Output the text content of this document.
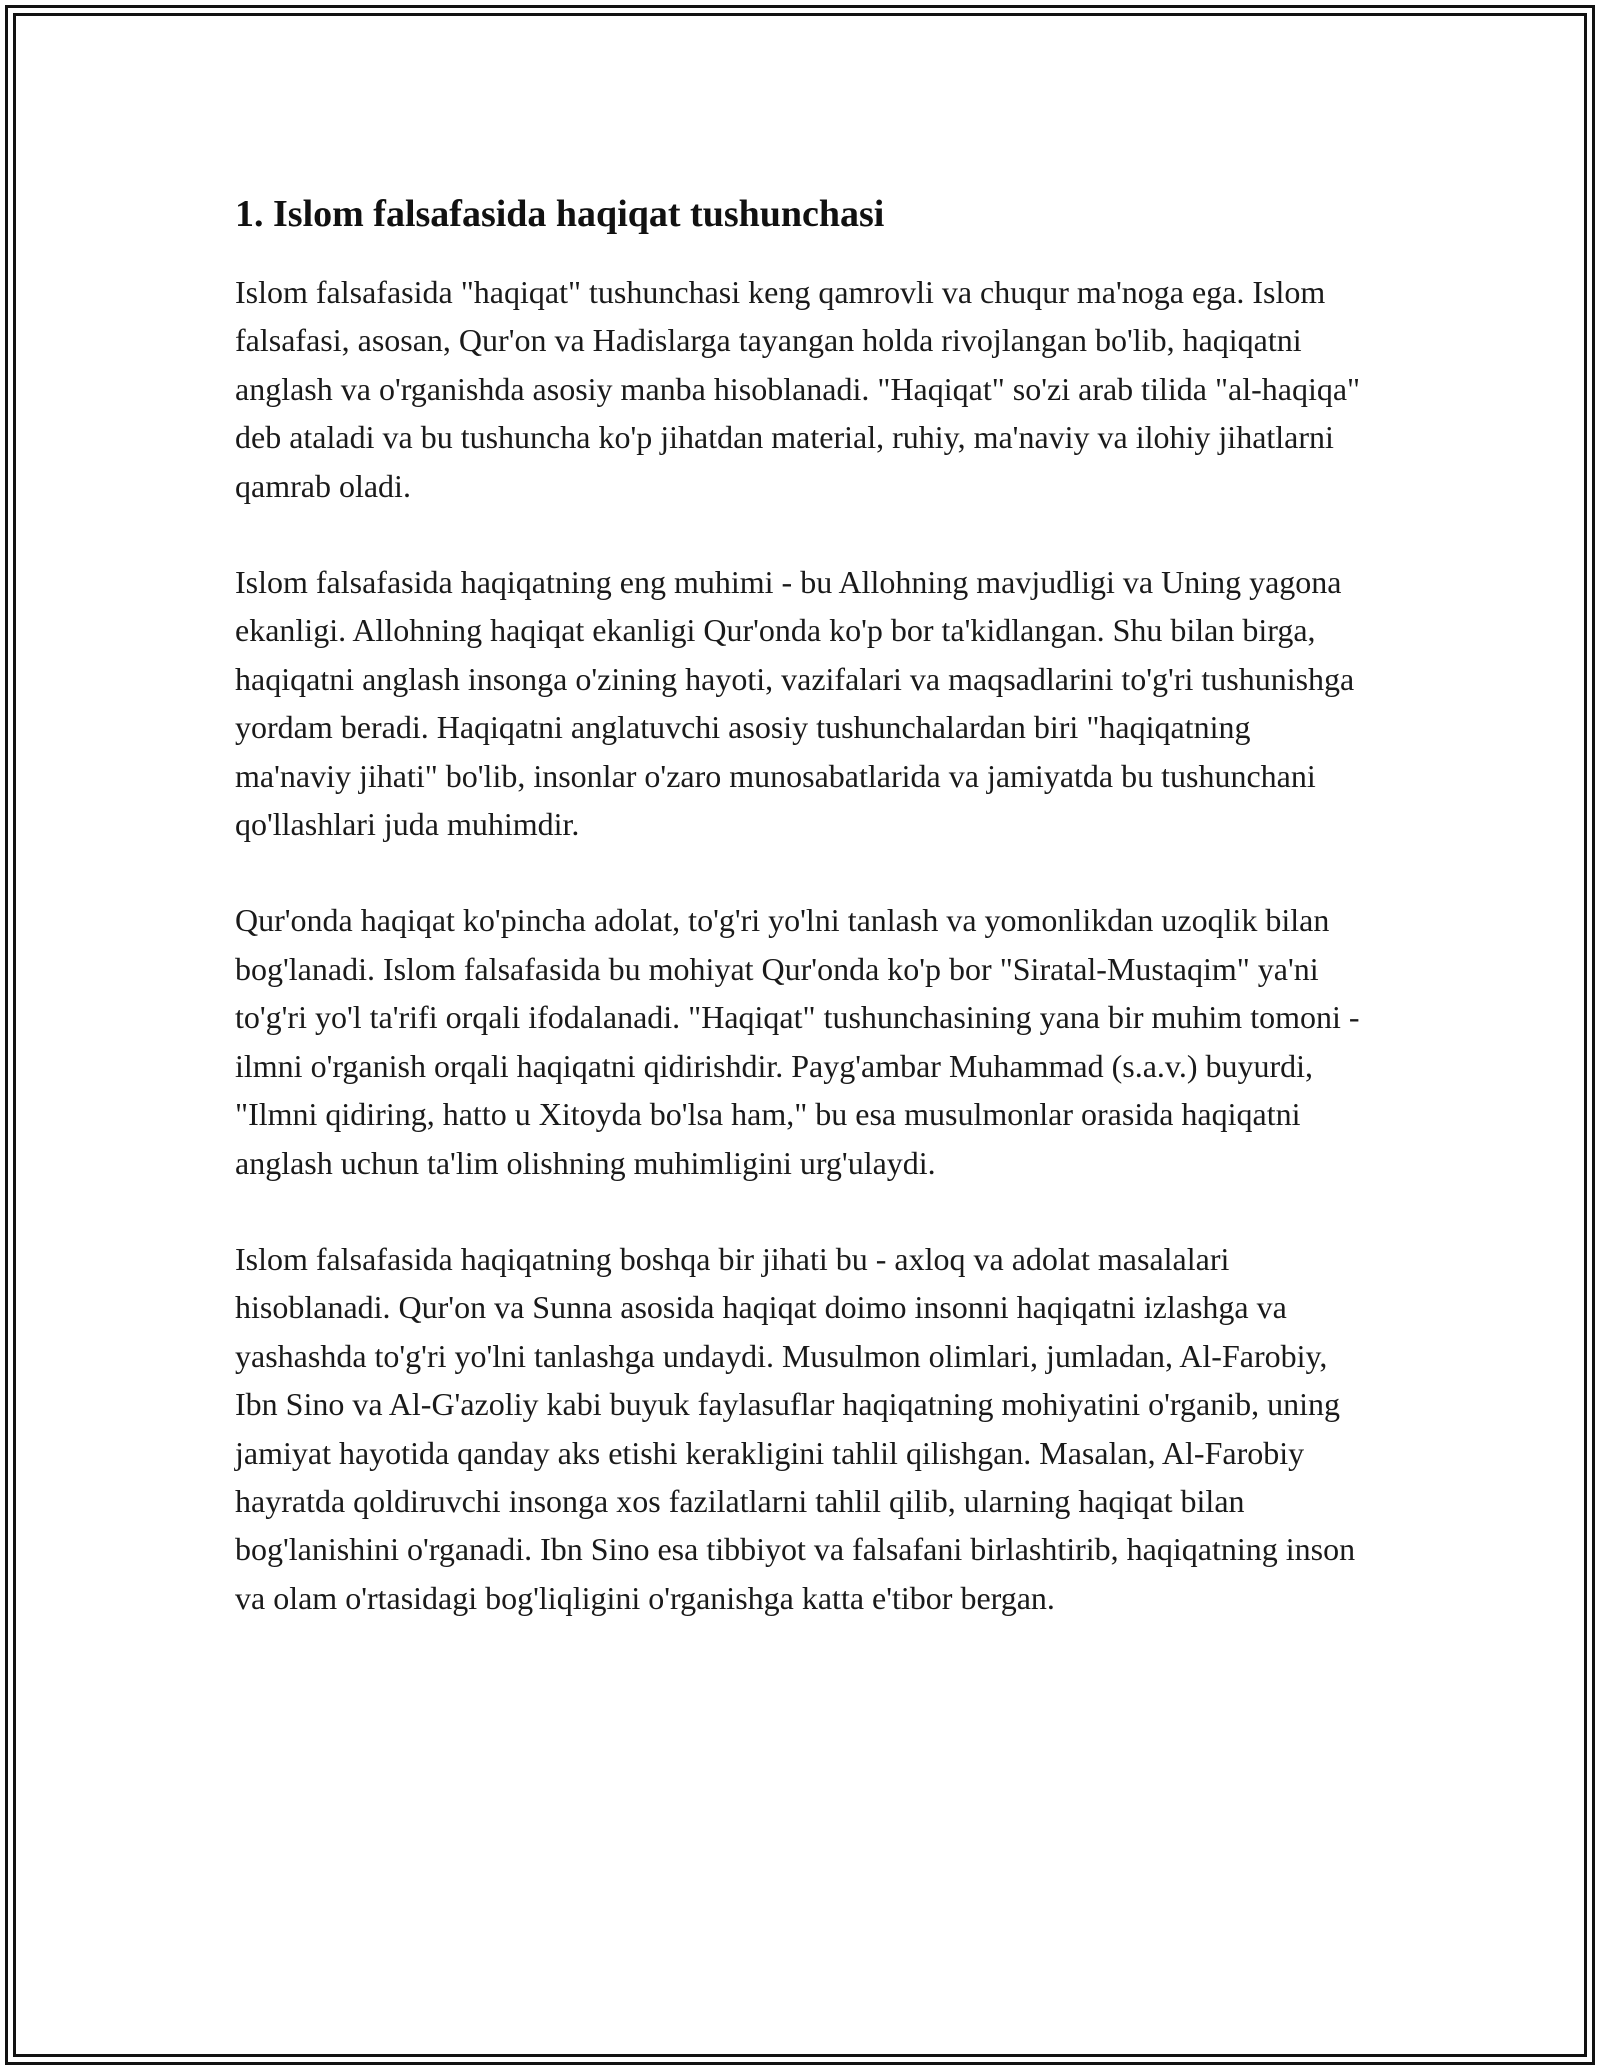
1. Islom falsafasida haqiqat tushunchasi

Islom falsafasida "haqiqat" tushunchasi keng qamrovli va chuqur ma'noga ega. Islom falsafasi, asosan, Qur'on va Hadislarga tayangan holda rivojlangan bo'lib, haqiqatni anglash va o'rganishda asosiy manba hisoblanadi. "Haqiqat" so'zi arab tilida "al-haqiqa" deb ataladi va bu tushuncha ko'p jihatdan material, ruhiy, ma'naviy va ilohiy jihatlarni qamrab oladi.

Islom falsafasida haqiqatning eng muhimi - bu Allohning mavjudligi va Uning yagona ekanligi. Allohning haqiqat ekanligi Qur'onda ko'p bor ta'kidlangan. Shu bilan birga, haqiqatni anglash insonga o'zining hayoti, vazifalari va maqsadlarini to'g'ri tushunishga yordam beradi. Haqiqatni anglatuvchi asosiy tushunchalardan biri "haqiqatning ma'naviy jihati" bo'lib, insonlar o'zaro munosabatlarida va jamiyatda bu tushunchani qo'llashlari juda muhimdir.

Qur'onda haqiqat ko'pincha adolat, to'g'ri yo'lni tanlash va yomonlikdan uzoqlik bilan bog'lanadi. Islom falsafasida bu mohiyat Qur'onda ko'p bor "Siratal-Mustaqim" ya'ni to'g'ri yo'l ta'rifi orqali ifodalanadi. "Haqiqat" tushunchasining yana bir muhim tomoni - ilmni o'rganish orqali haqiqatni qidirishdir. Payg'ambar Muhammad (s.a.v.) buyurdi, "Ilmni qidiring, hatto u Xitoyda bo'lsa ham," bu esa musulmonlar orasida haqiqatni anglash uchun ta'lim olishning muhimligini urg'ulaydi.

Islom falsafasida haqiqatning boshqa bir jihati bu - axloq va adolat masalalari hisoblanadi. Qur'on va Sunna asosida haqiqat doimo insonni haqiqatni izlashga va yashashda to'g'ri yo'lni tanlashga undaydi. Musulmon olimlari, jumladan, Al-Farobiy, Ibn Sino va Al-G'azoliy kabi buyuk faylasuflar haqiqatning mohiyatini o'rganib, uning jamiyat hayotida qanday aks etishi kerakligini tahlil qilishgan. Masalan, Al-Farobiy hayratda qoldiruvchi insonga xos fazilatlarni tahlil qilib, ularning haqiqat bilan bog'lanishini o'rganadi. Ibn Sino esa tibbiyot va falsafani birlashtirib, haqiqatning inson va olam o'rtasidagi bog'liqligini o'rganishga katta e'tibor bergan.
